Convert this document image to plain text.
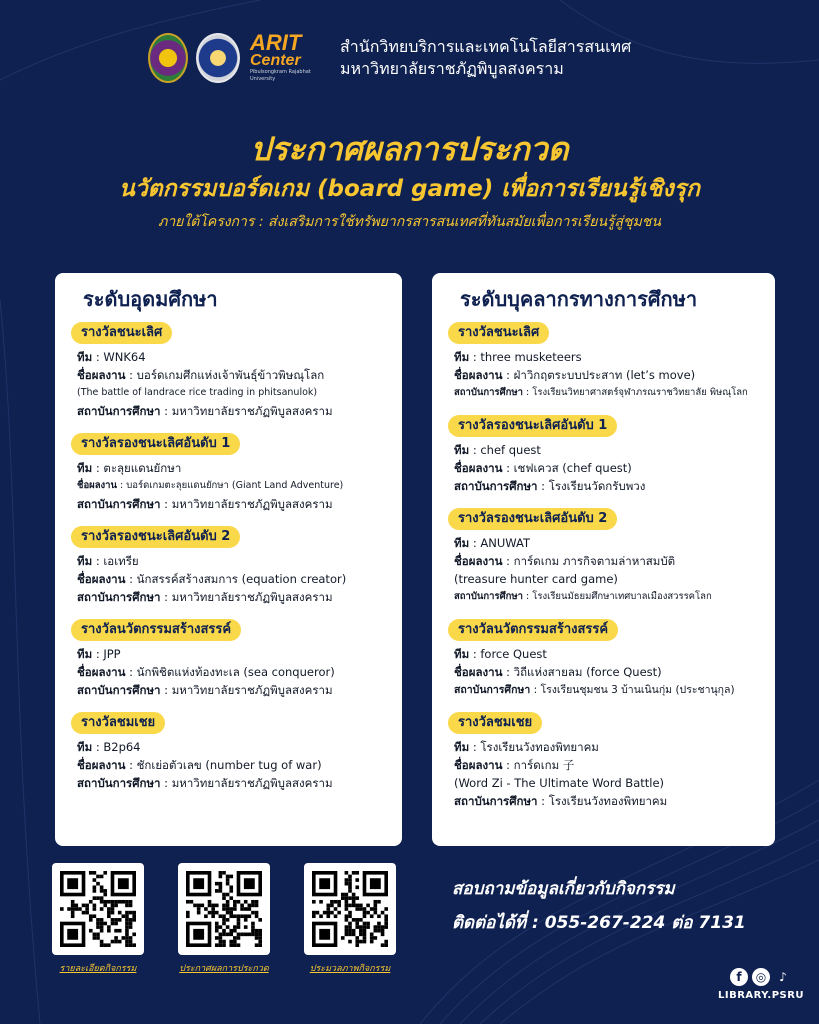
ARIT
Center
Pibulsongkram Rajabhat University
สำนักวิทยบริการและเทคโนโลยีสารสนเทศ
มหาวิทยาลัยราชภัฏพิบูลสงคราม
ประกาศผลการประกวด
นวัตกรรมบอร์ดเกม (board game) เพื่อการเรียนรู้เชิงรุก
ภายใต้โครงการ : ส่งเสริมการใช้ทรัพยากรสารสนเทศที่ทันสมัยเพื่อการเรียนรู้สู่ชุมชน
ระดับอุดมศึกษา
รางวัลชนะเลิศ
ทีม : WNK64
ชื่อผลงาน : บอร์ดเกมศึกแห่งเจ้าพันธุ์ข้าวพิษณุโลก
(The battle of landrace rice trading in phitsanulok)
สถาบันการศึกษา : มหาวิทยาลัยราชภัฏพิบูลสงคราม
รางวัลรองชนะเลิศอันดับ 1
ทีม : ตะลุยแดนยักษา
ชื่อผลงาน : บอร์ดเกมตะลุยแดนยักษา (Giant Land Adventure)
สถาบันการศึกษา : มหาวิทยาลัยราชภัฏพิบูลสงคราม
รางวัลรองชนะเลิศอันดับ 2
ทีม : เอเทรีย
ชื่อผลงาน : นักสรรค์สร้างสมการ (equation creator)
สถาบันการศึกษา : มหาวิทยาลัยราชภัฏพิบูลสงคราม
รางวัลนวัตกรรมสร้างสรรค์
ทีม : JPP
ชื่อผลงาน : นักพิชิตแห่งท้องทะเล (sea conqueror)
สถาบันการศึกษา : มหาวิทยาลัยราชภัฏพิบูลสงคราม
รางวัลชมเชย
ทีม : B2p64
ชื่อผลงาน : ชักเย่อตัวเลข (number tug of war)
สถาบันการศึกษา : มหาวิทยาลัยราชภัฏพิบูลสงคราม
ระดับบุคลากรทางการศึกษา
รางวัลชนะเลิศ
ทีม : three musketeers
ชื่อผลงาน : ฝ่าวิกฤตระบบประสาท (let’s move)
สถาบันการศึกษา : โรงเรียนวิทยาศาสตร์จุฬาภรณราชวิทยาลัย พิษณุโลก
รางวัลรองชนะเลิศอันดับ 1
ทีม : chef quest
ชื่อผลงาน : เชฟเควส (chef quest)
สถาบันการศึกษา : โรงเรียนวัดกรับพวง
รางวัลรองชนะเลิศอันดับ 2
ทีม : ANUWAT
ชื่อผลงาน : การ์ดเกม ภารกิจตามล่าหาสมบัติ
(treasure hunter card game)
สถาบันการศึกษา : โรงเรียนมัธยมศึกษาเทศบาลเมืองสวรรคโลก
รางวัลนวัตกรรมสร้างสรรค์
ทีม : force Quest
ชื่อผลงาน : วิถีแห่งสายลม (force Quest)
สถาบันการศึกษา : โรงเรียนชุมชน 3 บ้านเนินกุ่ม (ประชานุกุล)
รางวัลชมเชย
ทีม : โรงเรียนวังทองพิทยาคม
ชื่อผลงาน : การ์ดเกม 子
(Word Zi - The Ultimate Word Battle)
สถาบันการศึกษา : โรงเรียนวังทองพิทยาคม
รายละเอียดกิจกรรม	ประกาศผลการประกวด	ประมวลภาพกิจกรรม
สอบถามข้อมูลเกี่ยวกับกิจกรรม
ติดต่อได้ที่ : 055-267-224 ต่อ 7131
f	◎	♪
LIBRARY.PSRU
